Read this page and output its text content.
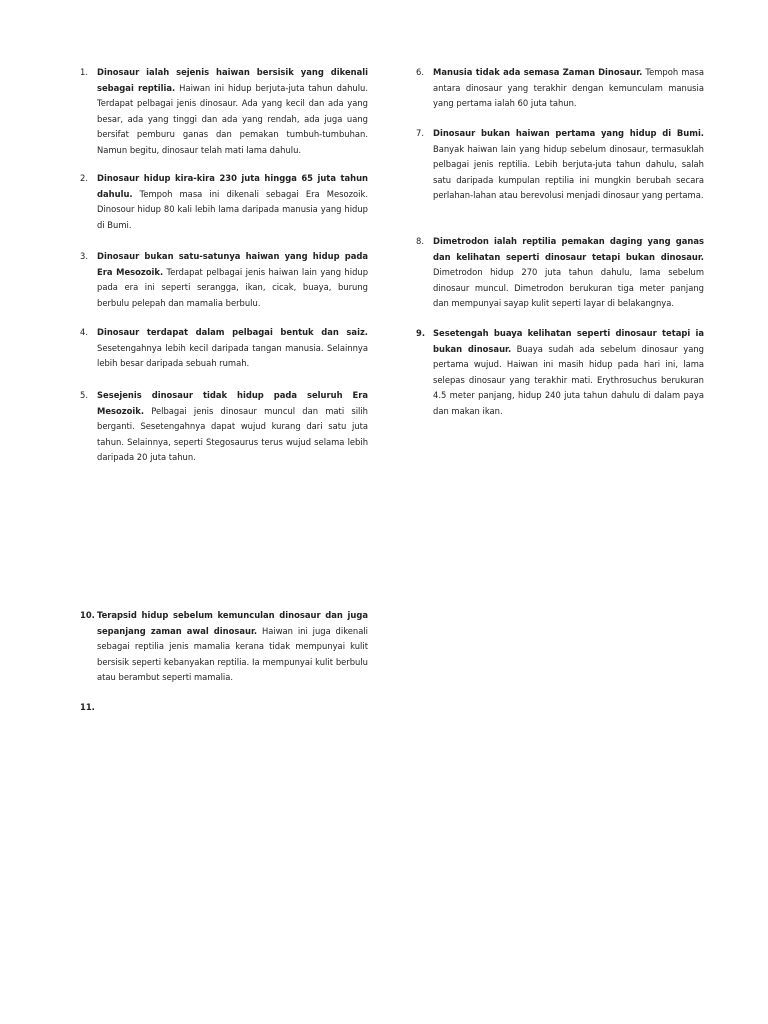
1.	Dinosaur ialah sejenis haiwan bersisik yang dikenali sebagai reptilia. Haiwan ini hidup berjuta-juta tahun dahulu. Terdapat pelbagai jenis dinosaur. Ada yang kecil dan ada yang besar, ada yang tinggi dan ada yang rendah, ada juga uang bersifat pemburu ganas dan pemakan tumbuh-tumbuhan. Namun begitu, dinosaur telah mati lama dahulu.
2.	Dinosaur hidup kira-kira 230 juta hingga 65 juta tahun dahulu. Tempoh masa ini dikenali sebagai Era Mesozoik. Dinosour hidup 80 kali lebih lama daripada manusia yang hidup di Bumi.
3.	Dinosaur bukan satu-satunya haiwan yang hidup pada Era Mesozoik. Terdapat pelbagai jenis haiwan lain yang hidup pada era ini seperti serangga, ikan, cicak, buaya, burung berbulu pelepah dan mamalia berbulu.
4.	Dinosaur terdapat dalam pelbagai bentuk dan saiz. Sesetengahnya lebih kecil daripada tangan manusia. Selainnya lebih besar daripada sebuah rumah.
5.	Sesejenis dinosaur tidak hidup pada seluruh Era Mesozoik. Pelbagai jenis dinosaur muncul dan mati silih berganti. Sesetengahnya dapat wujud kurang dari satu juta tahun. Selainnya, seperti Stegosaurus terus wujud selama lebih daripada 20 juta tahun.
6.	Manusia tidak ada semasa Zaman Dinosaur. Tempoh masa antara dinosaur yang terakhir dengan kemunculam manusia yang pertama ialah 60 juta tahun.
7.	Dinosaur bukan haiwan pertama yang hidup di Bumi. Banyak haiwan lain yang hidup sebelum dinosaur, termasuklah pelbagai jenis reptilia. Lebih berjuta-juta tahun dahulu, salah satu daripada kumpulan reptilia ini mungkin berubah secara perlahan-lahan atau berevolusi menjadi dinosaur yang pertama.
8.	Dimetrodon ialah reptilia pemakan daging yang ganas dan kelihatan seperti dinosaur tetapi bukan dinosaur. Dimetrodon hidup 270 juta tahun dahulu, lama sebelum dinosaur muncul. Dimetrodon berukuran tiga meter panjang dan mempunyai sayap kulit seperti layar di belakangnya.
9. Sesetengah buaya kelihatan seperti dinosaur tetapi ia bukan dinosaur. Buaya sudah ada sebelum dinosaur yang pertama wujud. Haiwan ini masih hidup pada hari ini, lama selepas dinosaur yang terakhir mati. Erythrosuchus berukuran 4.5 meter panjang, hidup 240 juta tahun dahulu di dalam paya dan makan ikan.
10. Terapsid hidup sebelum kemunculan dinosaur dan juga sepanjang zaman awal dinosaur. Haiwan ini juga dikenali sebagai reptilia jenis mamalia kerana tidak mempunyai kulit bersisik seperti kebanyakan reptilia. Ia mempunyai kulit berbulu atau berambut seperti mamalia.
11.
